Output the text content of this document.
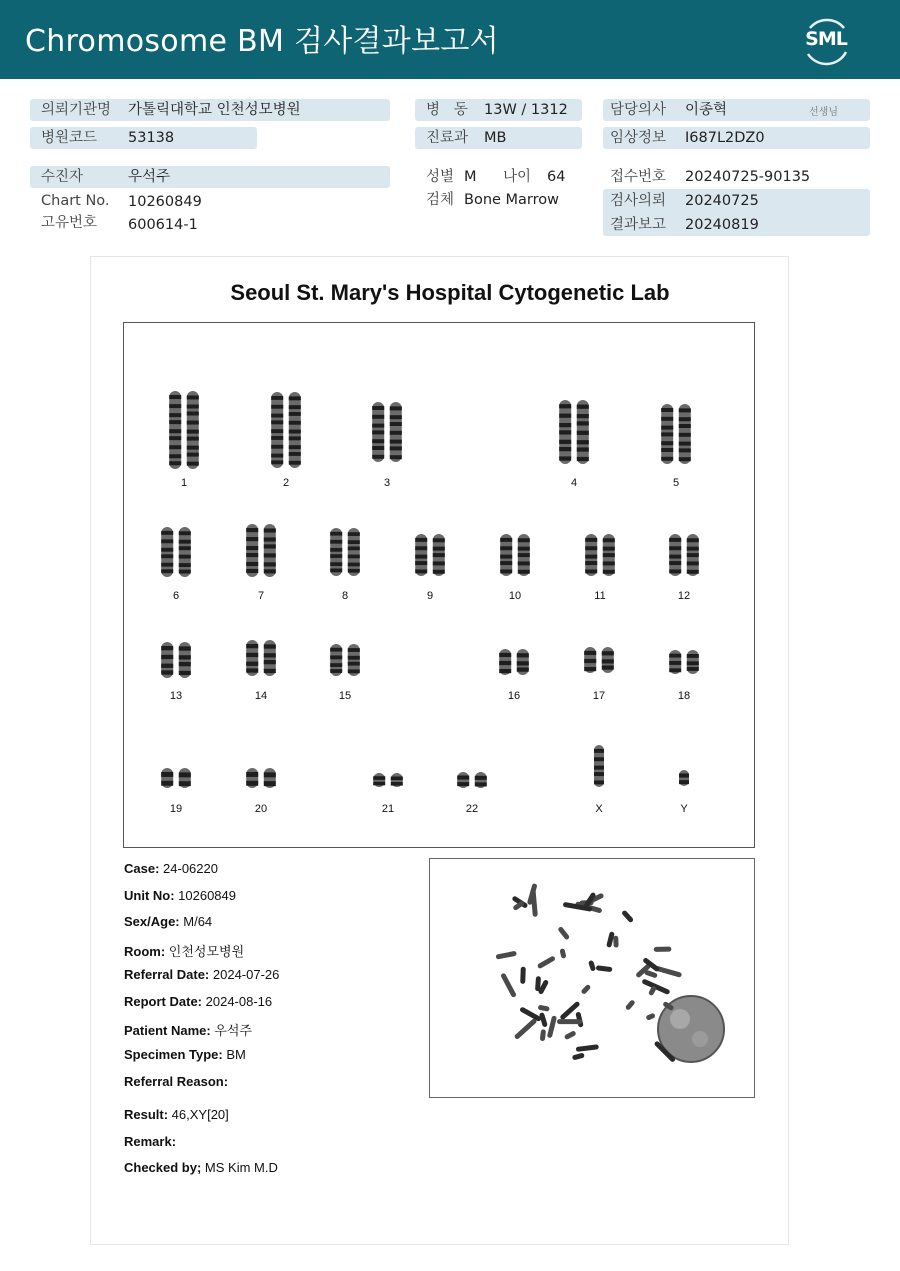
Chromosome BM 검사결과보고서	SML
의뢰기관명 가톨릭대학교 인천성모병원
병원코드 53138
병   동 13W / 1312
진료과 MB
담당의사 이종혁	선생님
임상정보 I687L2DZ0
수진자	우석주
Chart No. 10260849
고유번호 600614-1
성별 M 나이 64
검체 Bone Marrow
접수번호 20240725-90135
검사의뢰 20240725
결과보고 20240819
Seoul St. Mary's Hospital Cytogenetic Lab
1	2	3	4	5
6	7	8	9	10	11	12
13	14	15	16	17	18
19	20	21	22	X	Y
Case: 24-06220
Unit No: 10260849
Sex/Age: M/64
Room: 인천성모병원
Referral Date: 2024-07-26
Report Date: 2024-08-16
Patient Name: 우석주
Specimen Type: BM
Referral Reason:
Result: 46,XY[20]
Remark:
Checked by; MS Kim M.D
